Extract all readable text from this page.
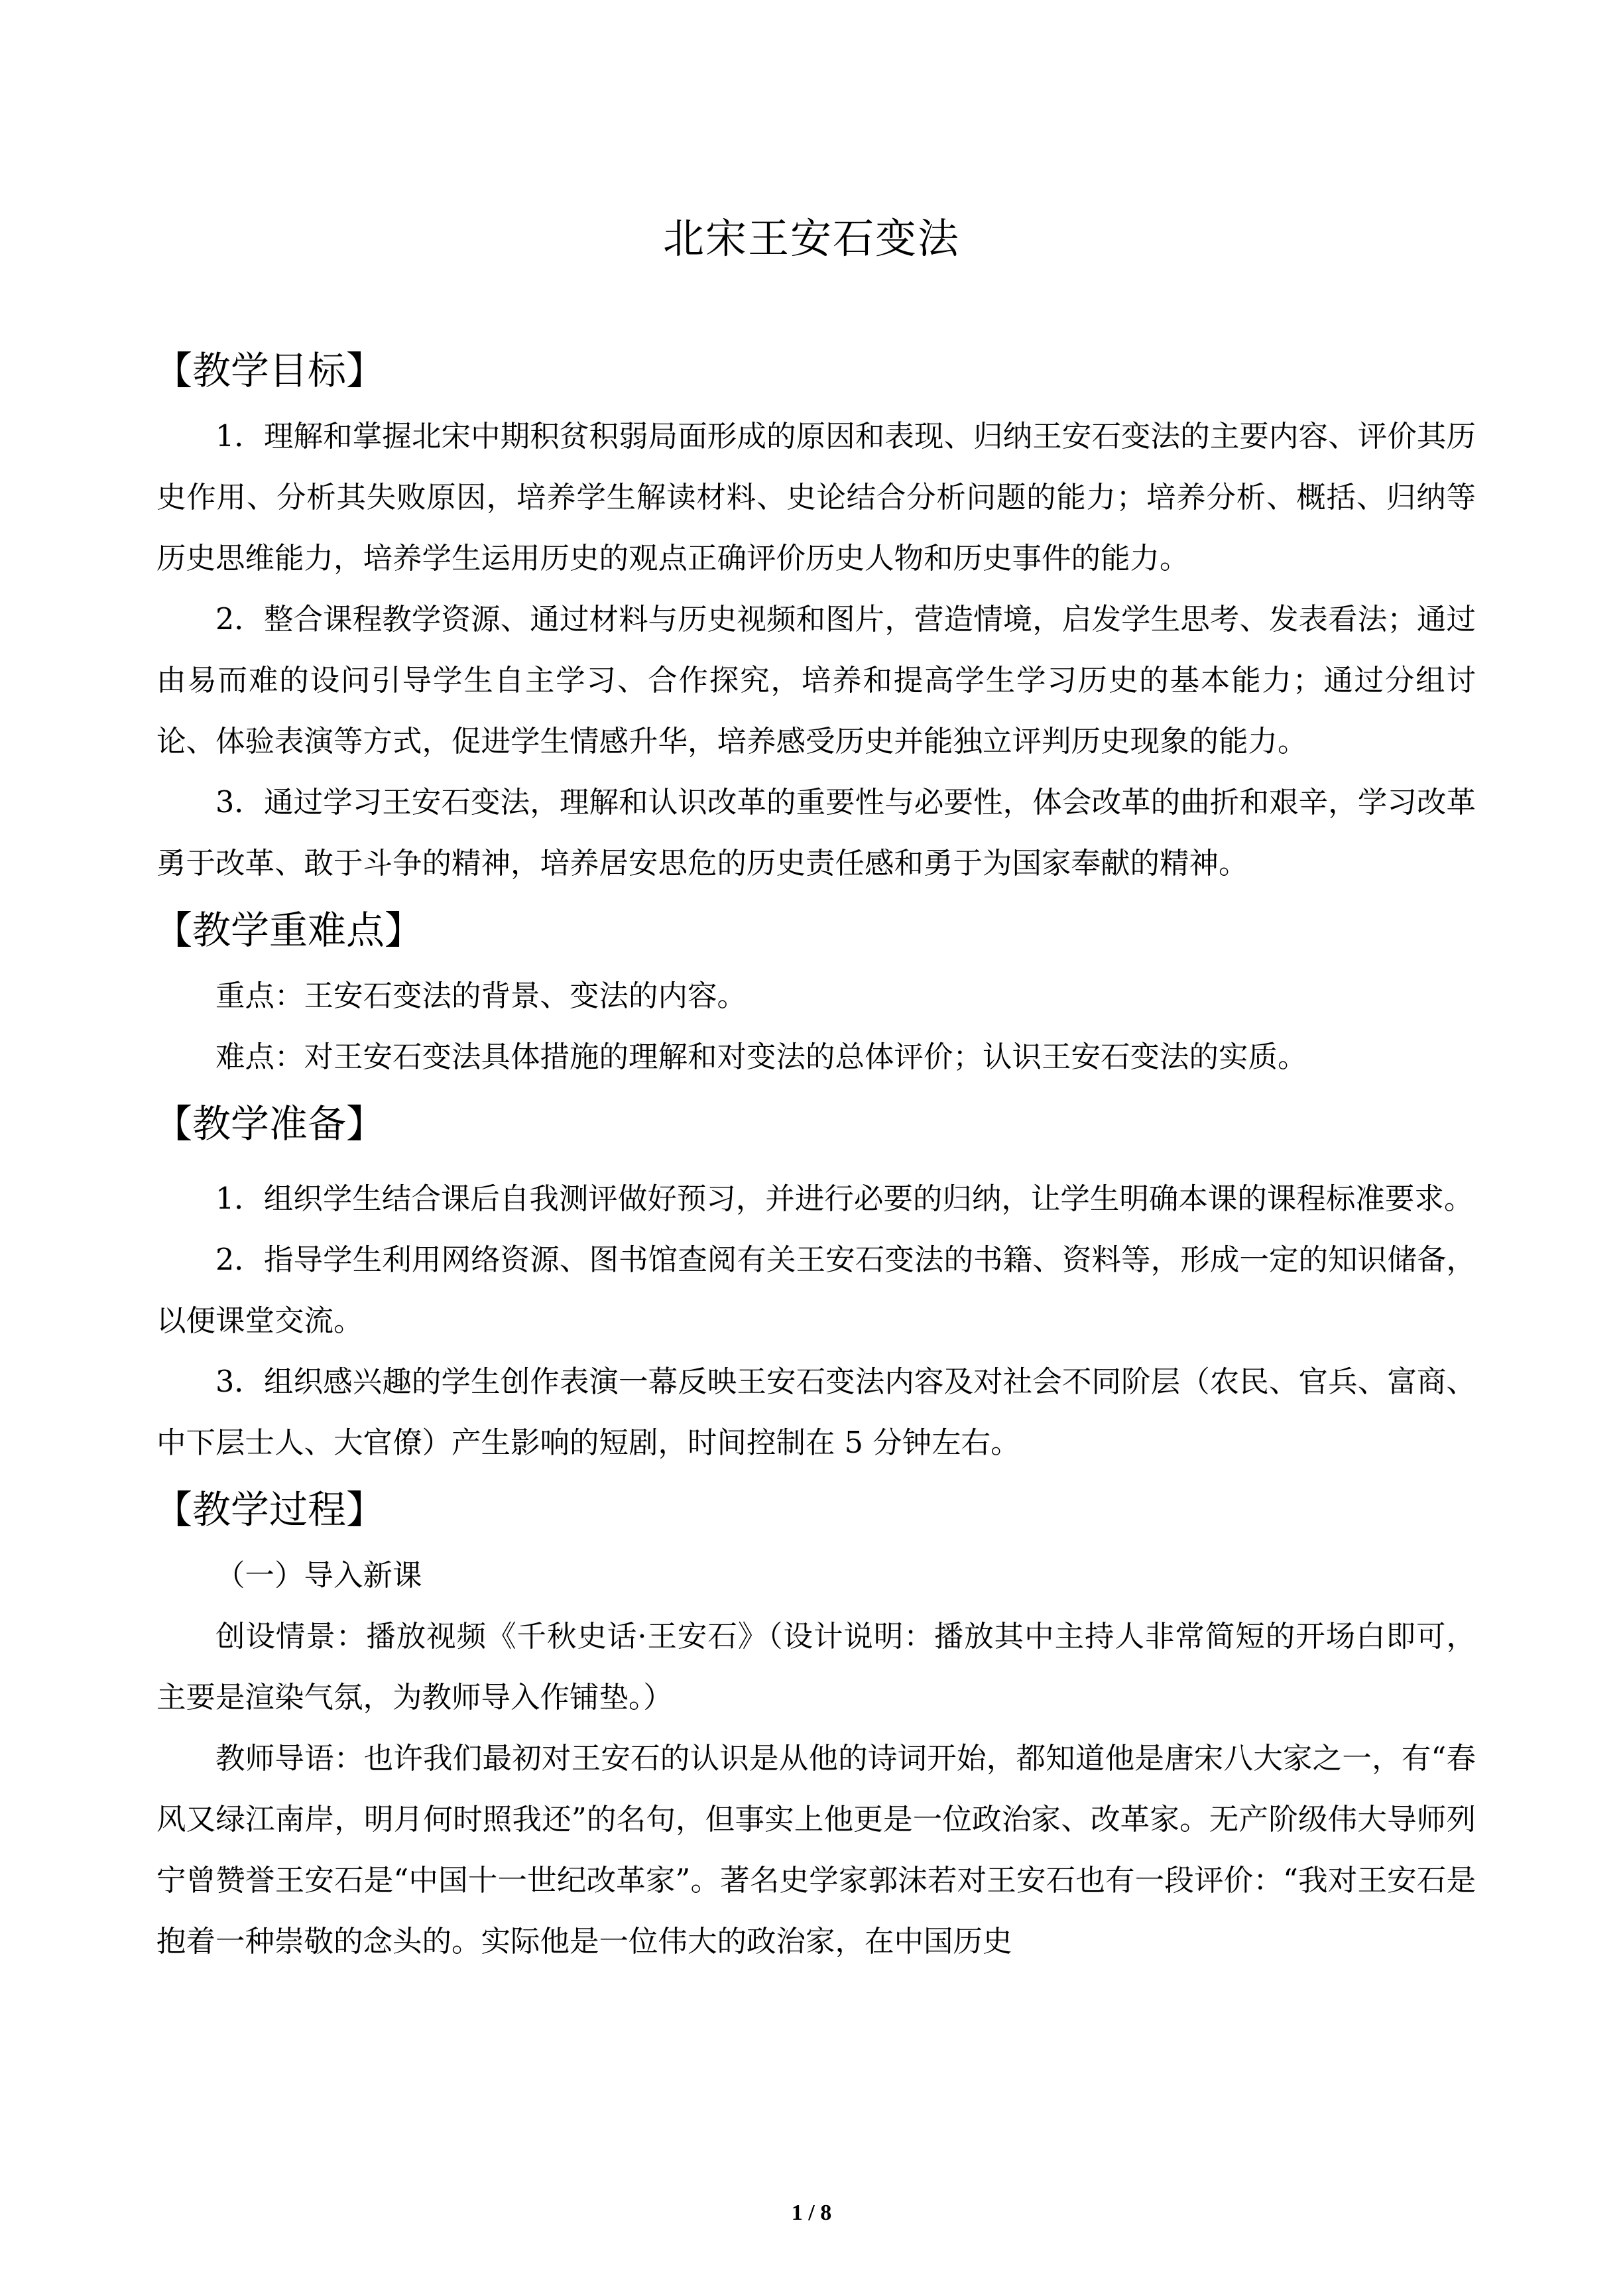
北宋王安石变法
【教学目标】

1．理解和掌握北宋中期积贫积弱局面形成的原因和表现、归纳王安石变法的主要内容、评价其历史作用、分析其失败原因，培养学生解读材料、史论结合分析问题的能力；培养分析、概括、归纳等历史思维能力，培养学生运用历史的观点正确评价历史人物和历史事件的能力。

2．整合课程教学资源、通过材料与历史视频和图片，营造情境，启发学生思考、发表看法；通过由易而难的设问引导学生自主学习、合作探究，培养和提高学生学习历史的基本能力；通过分组讨论、体验表演等方式，促进学生情感升华，培养感受历史并能独立评判历史现象的能力。

3．通过学习王安石变法，理解和认识改革的重要性与必要性，体会改革的曲折和艰辛，学习改革勇于改革、敢于斗争的精神，培养居安思危的历史责任感和勇于为国家奉献的精神。

【教学重难点】

重点：王安石变法的背景、变法的内容。

难点：对王安石变法具体措施的理解和对变法的总体评价；认识王安石变法的实质。

【教学准备】

1．组织学生结合课后自我测评做好预习，并进行必要的归纳，让学生明确本课的课程标准要求。

2．指导学生利用网络资源、图书馆查阅有关王安石变法的书籍、资料等，形成一定的知识储备，以便课堂交流。

3．组织感兴趣的学生创作表演一幕反映王安石变法内容及对社会不同阶层（农民、官兵、富商、中下层士人、大官僚）产生影响的短剧，时间控制在 5 分钟左右。

【教学过程】

（一）导入新课

创设情景：播放视频《千秋史话·王安石》（设计说明：播放其中主持人非常简短的开场白即可，主要是渲染气氛，为教师导入作铺垫。）

教师导语：也许我们最初对王安石的认识是从他的诗词开始，都知道他是唐宋八大家之一，有“春风又绿江南岸，明月何时照我还”的名句，但事实上他更是一位政治家、改革家。无产阶级伟大导师列宁曾赞誉王安石是“中国十一世纪改革家”。著名史学家郭沫若对王安石也有一段评价：“我对王安石是抱着一种崇敬的念头的。实际他是一位伟大的政治家，在中国历史

1 / 8
